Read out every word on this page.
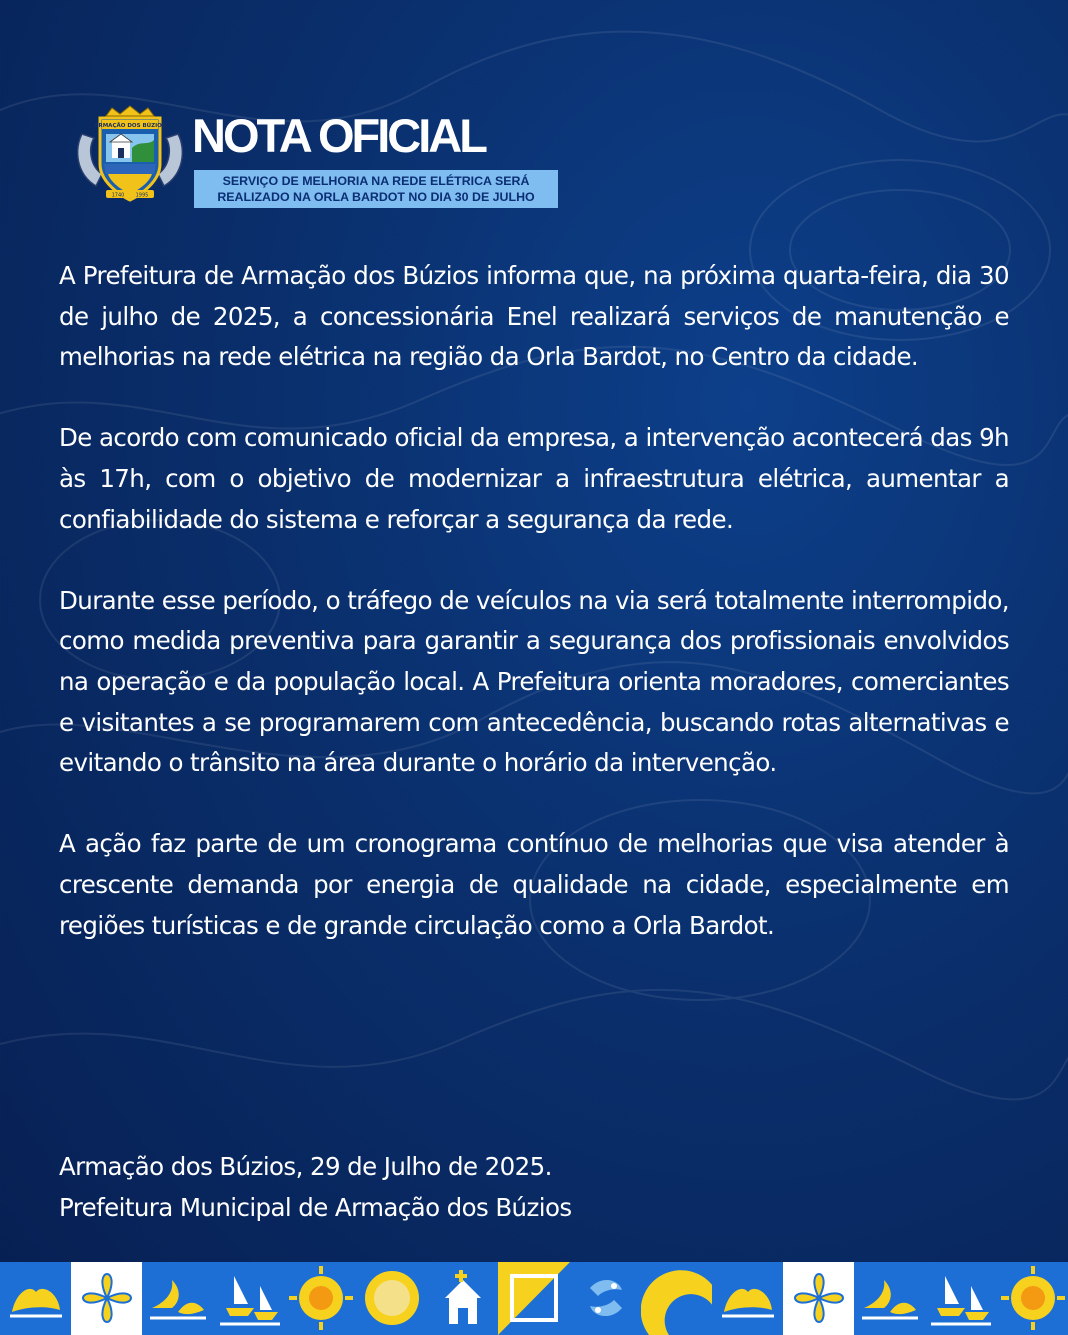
ARMAÇÃO DOS BÚZIOS
1740 1995
NOTA OFICIAL
SERVIÇO DE MELHORIA NA REDE ELÉTRICA SERÁ
REALIZADO NA ORLA BARDOT NO DIA 30 DE JULHO

A Prefeitura de Armação dos Búzios informa que, na próxima quarta-feira, dia 30 de julho de 2025, a concessionária Enel realizará serviços de manutenção e melhorias na rede elétrica na região da Orla Bardot, no Centro da cidade.

De acordo com comunicado oficial da empresa, a intervenção acontecerá das 9h às 17h, com o objetivo de modernizar a infraestrutura elétrica, aumentar a confiabilidade do sistema e reforçar a segurança da rede.

Durante esse período, o tráfego de veículos na via será totalmente interrompido, como medida preventiva para garantir a segurança dos profissionais envolvidos na operação e da população local. A Prefeitura orienta moradores, comerciantes e visitantes a se programarem com antecedência, buscando rotas alternativas e evitando o trânsito na área durante o horário da intervenção.

A ação faz parte de um cronograma contínuo de melhorias que visa atender à crescente demanda por energia de qualidade na cidade, especialmente em regiões turísticas e de grande circulação como a Orla Bardot.

Armação dos Búzios, 29 de Julho de 2025.
Prefeitura Municipal de Armação dos Búzios
